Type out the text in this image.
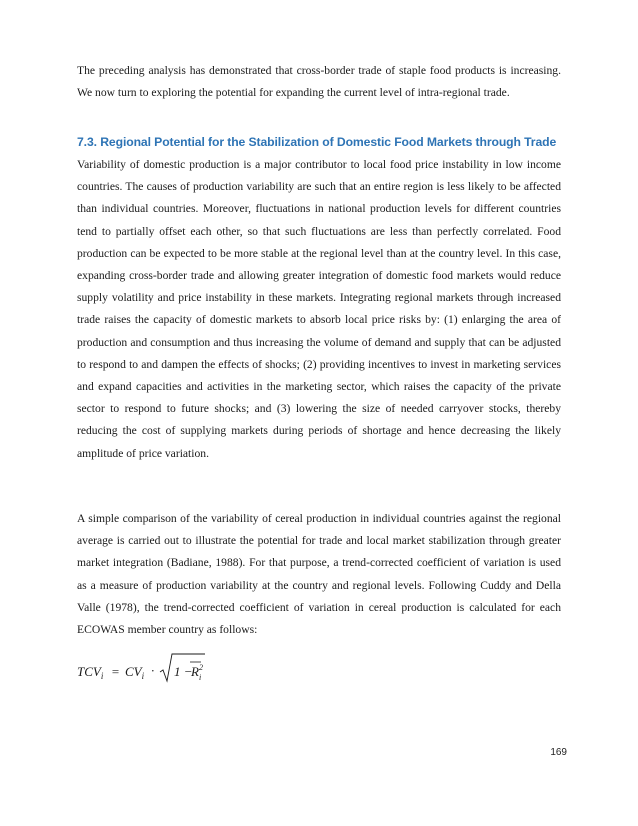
The preceding analysis has demonstrated that cross-border trade of staple food products is increasing. We now turn to exploring the potential for expanding the current level of intra-regional trade.

7.3. Regional Potential for the Stabilization of Domestic Food Markets through Trade

Variability of domestic production is a major contributor to local food price instability in low income countries. The causes of production variability are such that an entire region is less likely to be affected than individual countries. Moreover, fluctuations in national production levels for different countries tend to partially offset each other, so that such fluctuations are less than perfectly correlated. Food production can be expected to be more stable at the regional level than at the country level. In this case, expanding cross-border trade and allowing greater integration of domestic food markets would reduce supply volatility and price instability in these markets. Integrating regional markets through increased trade raises the capacity of domestic markets to absorb local price risks by: (1) enlarging the area of production and consumption and thus increasing the volume of demand and supply that can be adjusted to respond to and dampen the effects of shocks; (2) providing incentives to invest in marketing services and expand capacities and activities in the marketing sector, which raises the capacity of the private sector to respond to future shocks; and (3) lowering the size of needed carryover stocks, thereby reducing the cost of supplying markets during periods of shortage and hence decreasing the likely amplitude of price variation.

A simple comparison of the variability of cereal production in individual countries against the regional average is carried out to illustrate the potential for trade and local market stabilization through greater market integration (Badiane, 1988). For that purpose, a trend-corrected coefficient of variation is used as a measure of production variability at the country and regional levels. Following Cuddy and Della Valle (1978), the trend-corrected coefficient of variation in cereal production is calculated for each ECOWAS member country as follows:

$TCV_i = CV_i \cdot 1$ −
R 2
i
169
